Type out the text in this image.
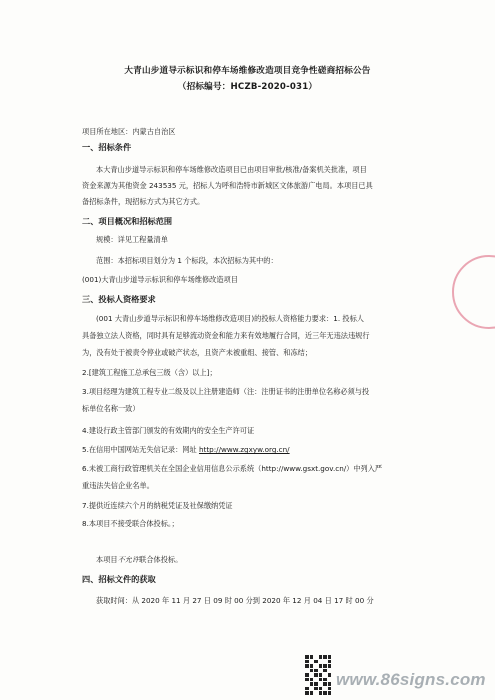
大青山步道导示标识和停车场维修改造项目竞争性磋商招标公告
（招标编号：HCZB-2020-031）
项目所在地区：内蒙古自治区
一、招标条件
本大青山步道导示标识和停车场维修改造项目已由项目审批/核准/备案机关批准，项目
资金来源为其他资金 243535 元，招标人为呼和浩特市新城区文体旅游广电局。本项目已具
备招标条件，现招标方式为其它方式。
二、项目概况和招标范围
规模：详见工程量清单
范围：本招标项目划分为 1 个标段，本次招标为其中的：
(001)大青山步道导示标识和停车场维修改造项目
三、投标人资格要求
(001 大青山步道导示标识和停车场维修改造项目)的投标人资格能力要求：1. 投标人
具备独立法人资格，同时具有足够流动资金和能力来有效地履行合同，近三年无违法违规行
为，没有处于被责令停业或破产状态，且资产未被重组、接管、和冻结；
2.[建筑工程施工总承包三级（含）以上]；
3.项目经理为建筑工程专业二级及以上注册建造师（注：注册证书的注册单位名称必须与投
标单位名称一致）
4.建设行政主管部门颁发的有效期内的安全生产许可证
5.在信用中国网站无失信记录：网址 http://www.zgxyw.org.cn/
6.未被工商行政管理机关在全国企业信用信息公示系统（http://www.gsxt.gov.cn/）中列入严
重违法失信企业名单。
7.提供近连续六个月的纳税凭证及社保缴纳凭证
8.本项目不接受联合体投标。；
本项目不允许联合体投标。
四、招标文件的获取
获取时间：从 2020 年 11 月 27 日 09 时 00 分到 2020 年 12 月 04 日 17 时 00 分
www.86signs.com
